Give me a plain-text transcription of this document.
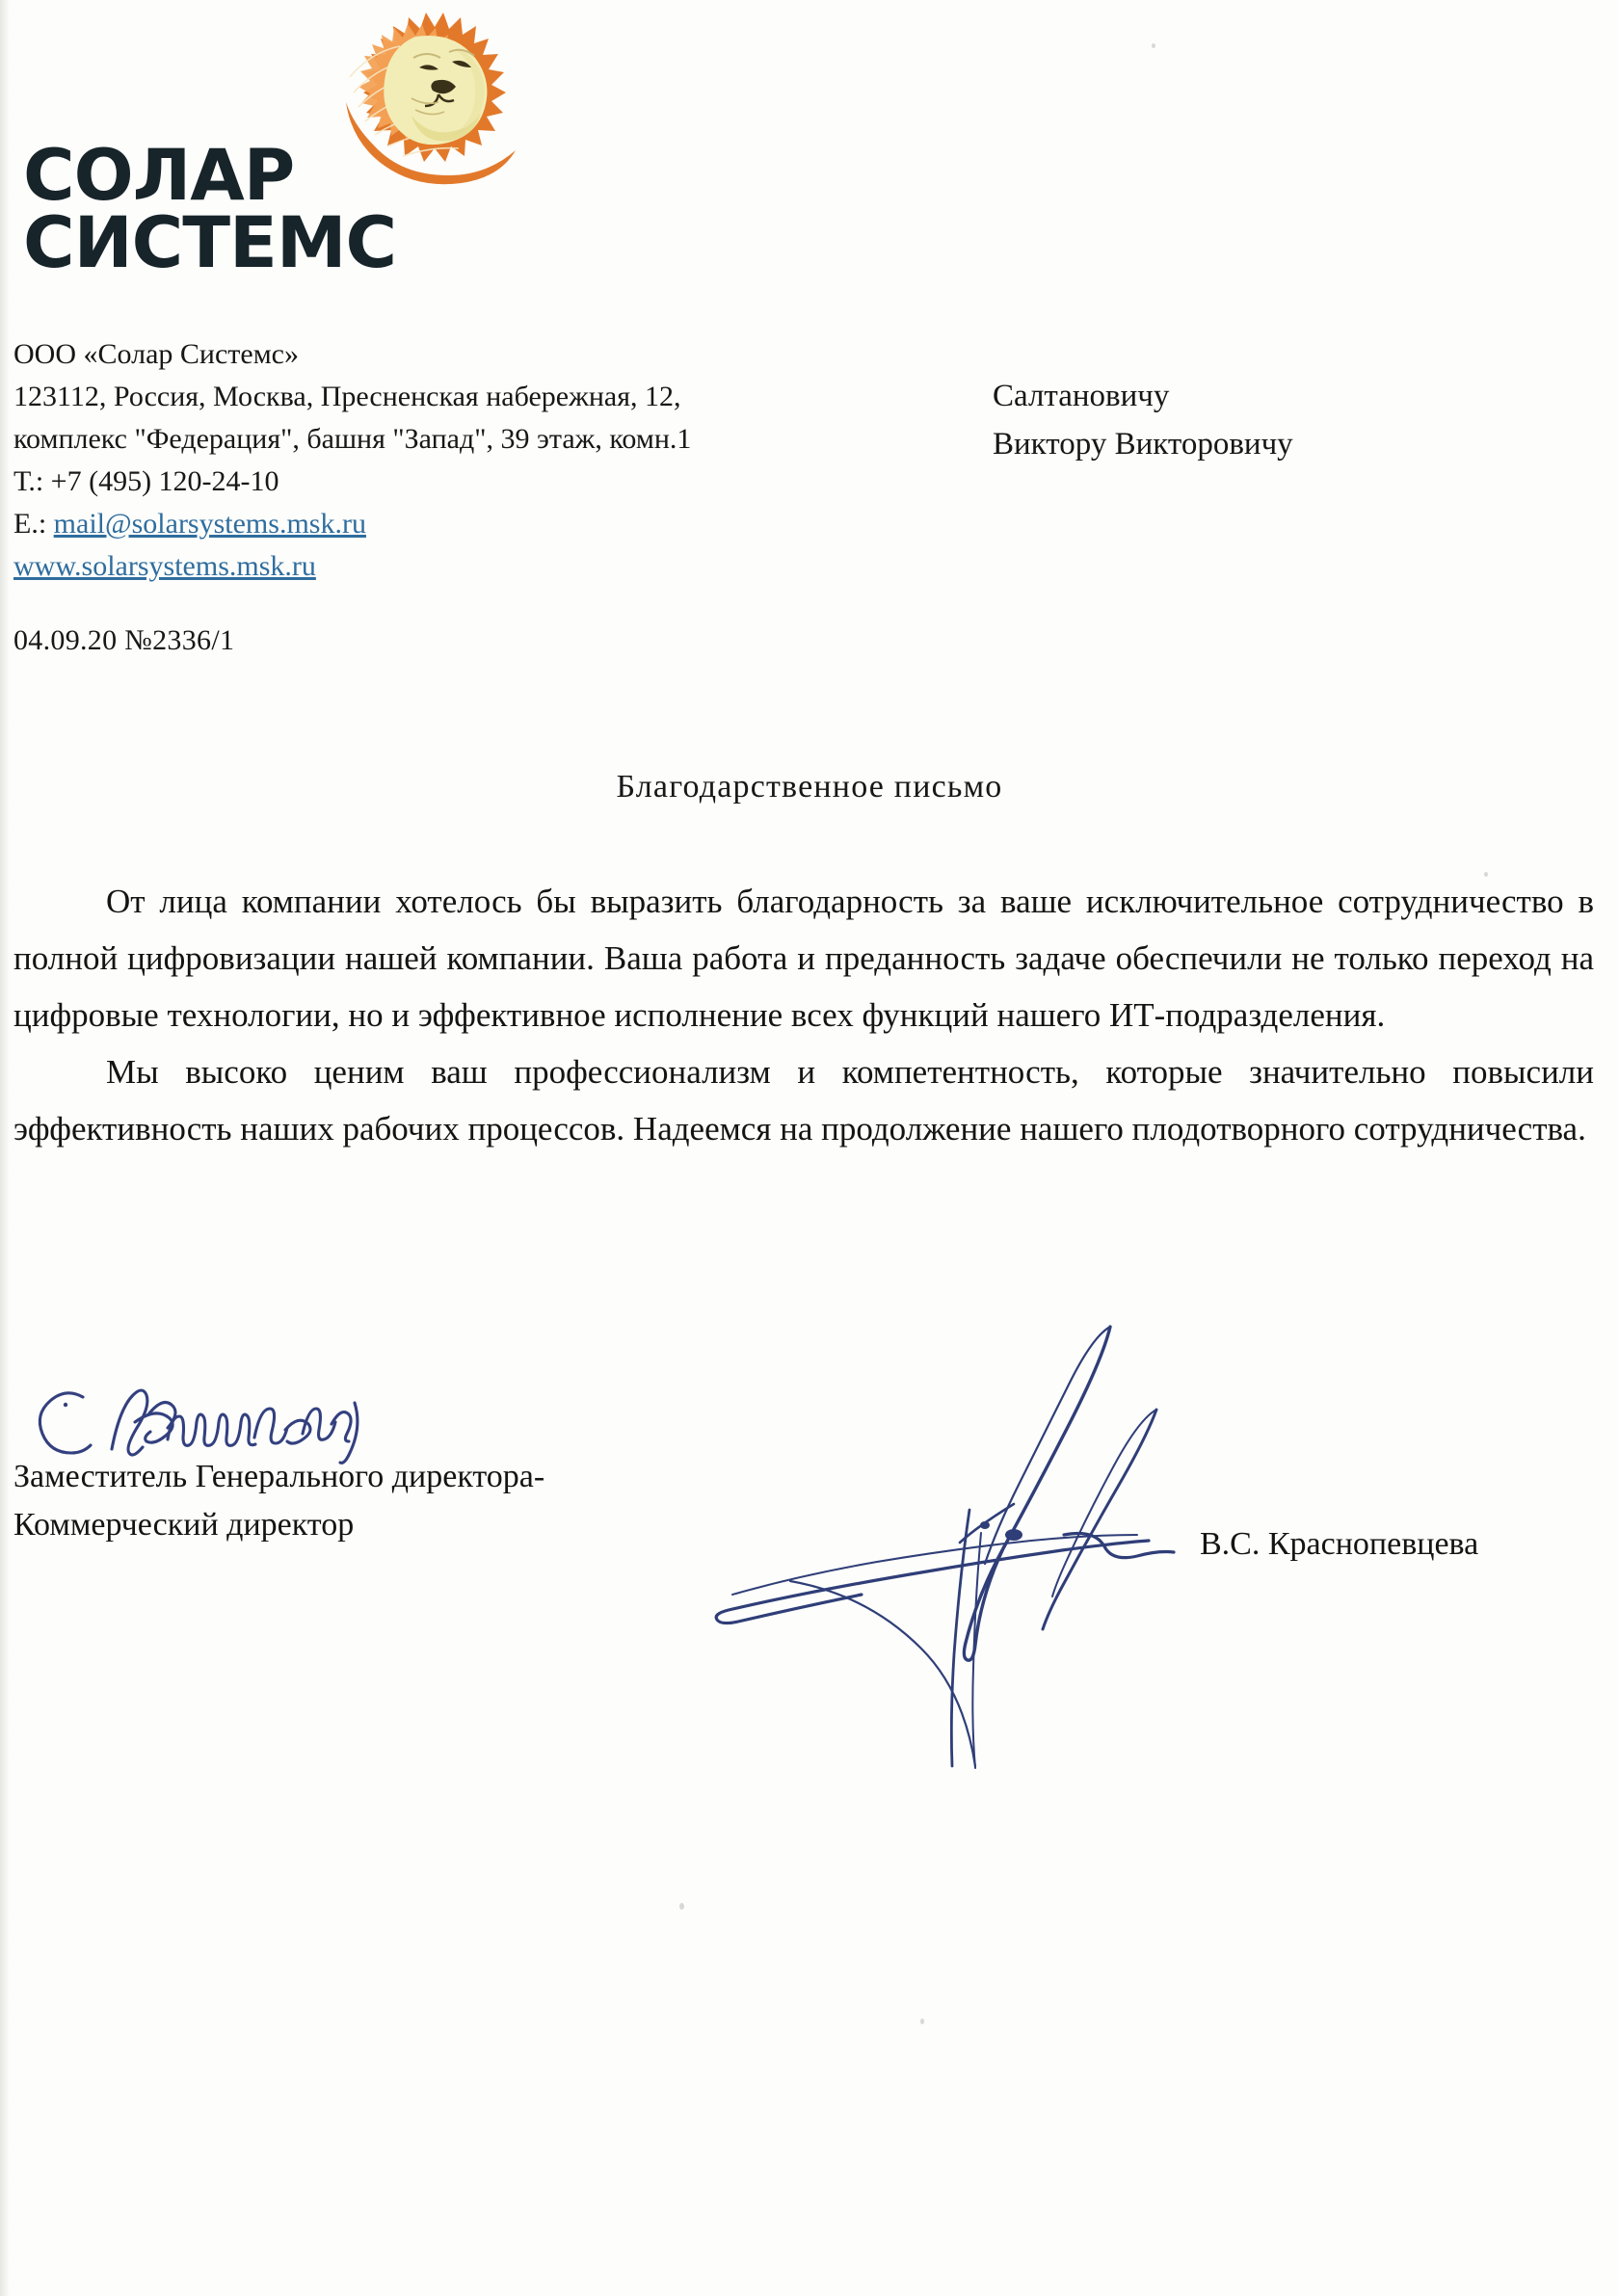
СОЛАР
СИСТЕМС
ООО «Солар Системс»
123112, Россия, Москва, Пресненская набережная, 12,
комплекс "Федерация", башня "Запад", 39 этаж, комн.1
Т.: +7 (495) 120-24-10
Е.: mail@solarsystems.msk.ru
www.solarsystems.msk.ru
04.09.20 №2336/1
Салтановичу
Виктору Викторовичу
Благодарственное письмо

От лица компании хотелось бы выразить благодарность за ваше исключительное сотрудничество в полной цифровизации нашей компании. Ваша работа и преданность задаче обеспечили не только переход на цифровые технологии, но и эффективное исполнение всех функций нашего ИТ-подразделения.

Мы высоко ценим ваш профессионализм и компетентность, которые значительно повысили эффективность наших рабочих процессов. Надеемся на продолжение нашего плодотворного сотрудничества.

Заместитель Генерального директора-
Коммерческий директор
В.С. Краснопевцева
